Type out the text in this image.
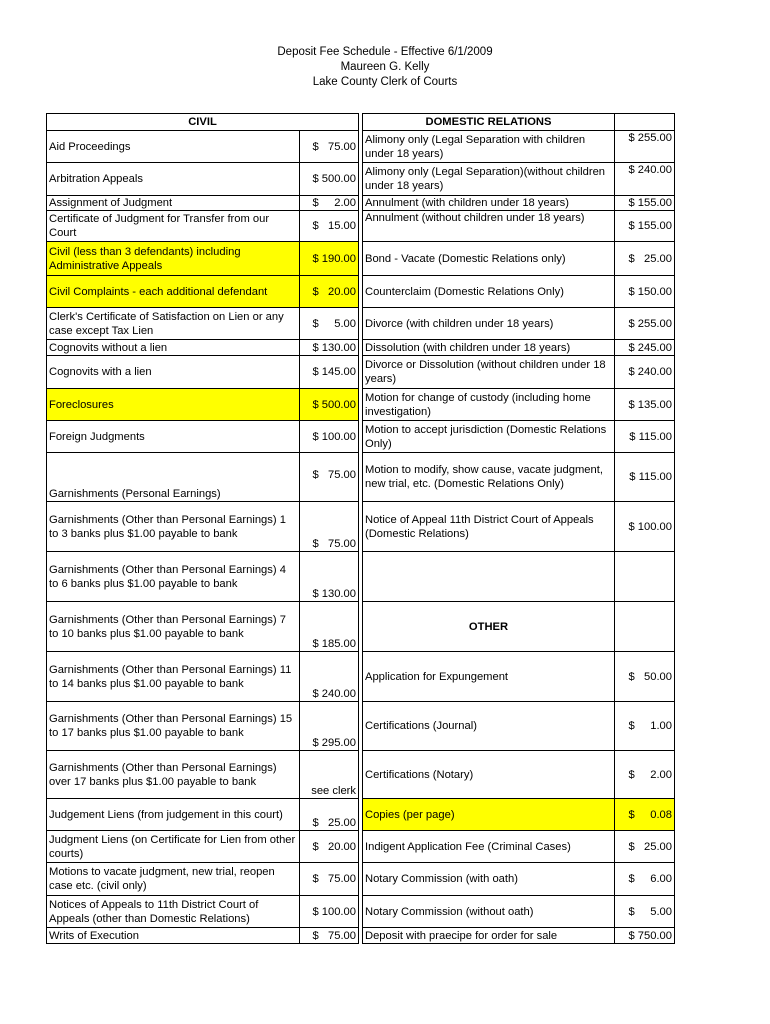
Deposit Fee Schedule - Effective 6/1/2009
Maureen G. Kelly
Lake County Clerk of Courts
CIVIL	
Aid Proceedings	$   75.00
Arbitration Appeals	$ 500.00
Assignment of Judgment	$     2.00
Certificate of Judgment for Transfer from our Court	$   15.00
Civil (less than 3 defendants) including Administrative Appeals	$ 190.00
Civil Complaints - each additional defendant	$   20.00
Clerk's Certificate of Satisfaction on Lien or any case except Tax Lien	$     5.00
Cognovits without a lien	$ 130.00
Cognovits with a lien	$ 145.00
Foreclosures	$ 500.00
Foreign Judgments	$ 100.00
Garnishments (Personal Earnings)	$   75.00
Garnishments (Other than Personal Earnings) 1 to 3 banks plus $1.00 payable to bank	$   75.00
Garnishments (Other than Personal Earnings) 4 to 6 banks plus $1.00 payable to bank	$ 130.00
Garnishments (Other than Personal Earnings) 7 to 10 banks plus $1.00 payable to bank	$ 185.00
Garnishments (Other than Personal Earnings) 11 to 14 banks plus $1.00 payable to bank	$ 240.00
Garnishments (Other than Personal Earnings) 15 to 17 banks plus $1.00 payable to bank	$ 295.00
Garnishments (Other than Personal Earnings) over 17 banks plus $1.00 payable to bank	see clerk
Judgement Liens (from judgement in this court)	$   25.00
Judgment Liens (on Certificate for Lien from other courts)	$   20.00
Motions to vacate judgment, new trial, reopen case etc. (civil only)	$   75.00
Notices of Appeals to 11th District Court of Appeals (other than Domestic Relations)	$ 100.00
Writs of Execution	$   75.00
DOMESTIC RELATIONS	
Alimony only (Legal Separation with children under 18 years)	$ 255.00
Alimony only (Legal Separation)(without children under 18 years)	$ 240.00
Annulment (with children under 18 years)	$ 155.00
Annulment (without children under 18 years)	$ 155.00
Bond - Vacate (Domestic Relations only)	$   25.00
Counterclaim (Domestic Relations Only)	$ 150.00
Divorce (with children under 18 years)	$ 255.00
Dissolution (with children under 18 years)	$ 245.00
Divorce or Dissolution (without children under 18 years)	$ 240.00
Motion for change of custody (including home investigation)	$ 135.00
Motion to accept jurisdiction (Domestic Relations Only)	$ 115.00
Motion to modify, show cause, vacate judgment, new trial, etc. (Domestic Relations Only)	$ 115.00
Notice of Appeal 11th District Court of Appeals (Domestic Relations)	$ 100.00

OTHER	
Application for Expungement	$   50.00
Certifications (Journal)	$     1.00
Certifications (Notary)	$     2.00
Copies (per page)	$     0.08
Indigent Application Fee (Criminal Cases)	$   25.00
Notary Commission (with oath)	$     6.00
Notary Commission (without oath)	$     5.00
Deposit with praecipe for order for sale	$ 750.00
